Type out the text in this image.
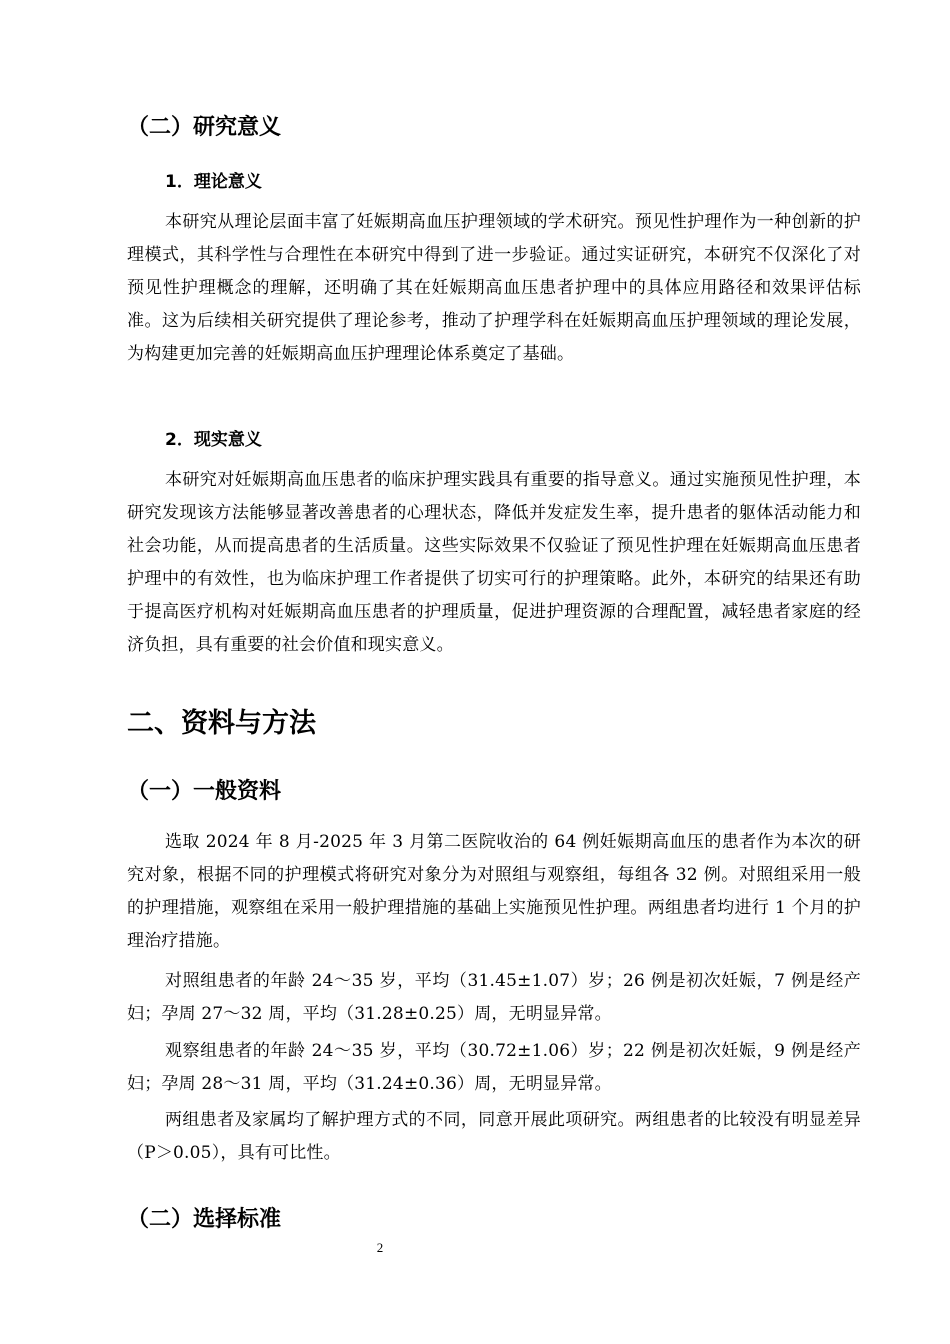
（二）研究意义
1．理论意义

本研究从理论层面丰富了妊娠期高血压护理领域的学术研究。预见性护理作为一种创新的护理模式，其科学性与合理性在本研究中得到了进一步验证。通过实证研究，本研究不仅深化了对预见性护理概念的理解，还明确了其在妊娠期高血压患者护理中的具体应用路径和效果评估标准。这为后续相关研究提供了理论参考，推动了护理学科在妊娠期高血压护理领域的理论发展，为构建更加完善的妊娠期高血压护理理论体系奠定了基础。

2．现实意义

本研究对妊娠期高血压患者的临床护理实践具有重要的指导意义。通过实施预见性护理，本研究发现该方法能够显著改善患者的心理状态，降低并发症发生率，提升患者的躯体活动能力和社会功能，从而提高患者的生活质量。这些实际效果不仅验证了预见性护理在妊娠期高血压患者护理中的有效性，也为临床护理工作者提供了切实可行的护理策略。此外，本研究的结果还有助于提高医疗机构对妊娠期高血压患者的护理质量，促进护理资源的合理配置，减轻患者家庭的经济负担，具有重要的社会价值和现实意义。

二、资料与方法
（一）一般资料

选取 2024 年 8 月-2025 年 3 月第二医院收治的 64 例妊娠期高血压的患者作为本次的研究对象，根据不同的护理模式将研究对象分为对照组与观察组，每组各 32 例。对照组采用一般的护理措施，观察组在采用一般护理措施的基础上实施预见性护理。两组患者均进行 1 个月的护理治疗措施。

对照组患者的年龄 24～35 岁，平均（31.45±1.07）岁；26 例是初次妊娠，7 例是经产妇；孕周 27～32 周，平均（31.28±0.25）周，无明显异常。

观察组患者的年龄 24～35 岁，平均（30.72±1.06）岁；22 例是初次妊娠，9 例是经产妇；孕周 28～31 周，平均（31.24±0.36）周，无明显异常。

两组患者及家属均了解护理方式的不同，同意开展此项研究。两组患者的比较没有明显差异（P＞0.05），具有可比性。

（二）选择标准
2
